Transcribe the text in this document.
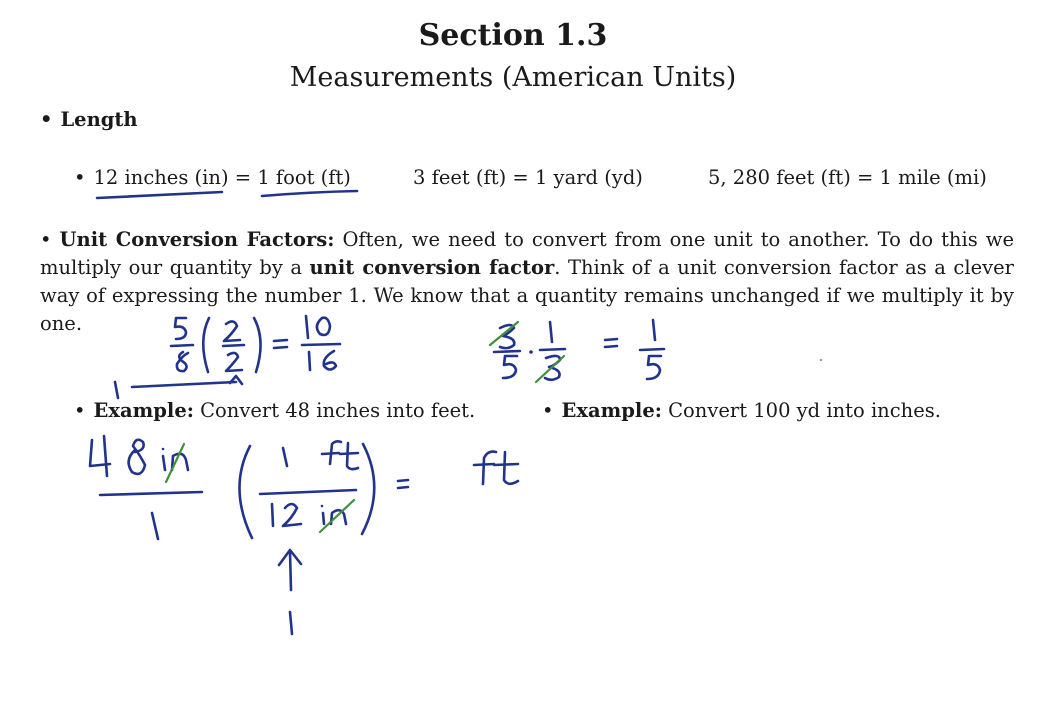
Section 1.3
Measurements (American Units)
• Length
• 12 inches (in) = 1 foot (ft)	3 feet (ft) = 1 yard (yd)	5, 280 feet (ft) = 1 mile (mi)
• Unit Conversion Factors: Often, we need to convert from one unit to another. To do this we multiply our quantity by a unit conversion factor. Think of a unit conversion factor as a clever way of expressing the number 1. We know that a quantity remains unchanged if we multiply it by one.
• Example: Convert 48 inches into feet.	• Example: Convert 100 yd into inches.
